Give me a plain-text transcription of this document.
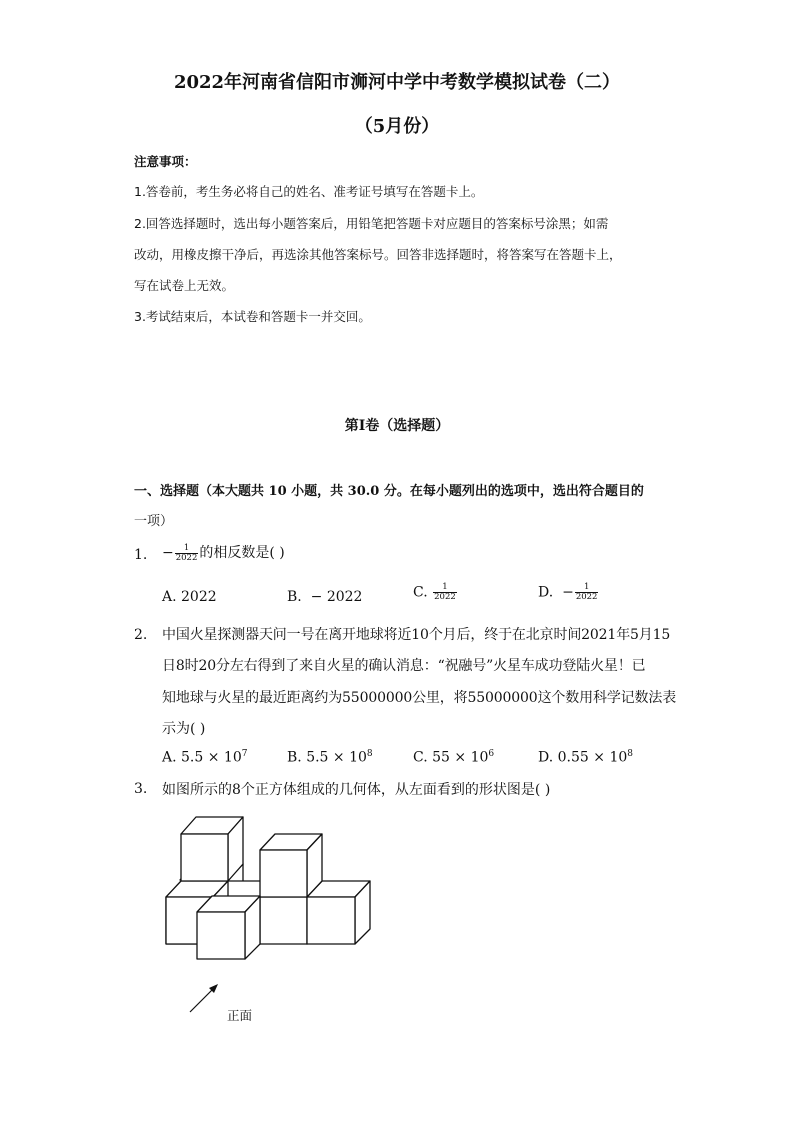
2022年河南省信阳市浉河中学中考数学模拟试卷（二）
（5月份）
注意事项：
1.答卷前，考生务必将自己的姓名、准考证号填写在答题卡上。
2.回答选择题时，选出每小题答案后，用铅笔把答题卡对应题目的答案标号涂黑；如需
改动，用橡皮擦干净后，再选涂其他答案标号。回答非选择题时，将答案写在答题卡上，
写在试卷上无效。
3.考试结束后，本试卷和答题卡一并交回。
第Ⅰ卷（选择题）
一、选择题（本大题共 10 小题，共 30.0 分。在每小题列出的选项中，选出符合题目的
一项）
1. − $\frac{1}{2022}$ 的相反数是( )
A. 2022	B. − 2022	C. $\frac{1}{2022}$	D. − $\frac{1}{2022}$
2. 中国火星探测器天问一号在离开地球将近10个月后，终于在北京时间2021年5月15
日8时20分左右得到了来自火星的确认消息：“祝融号”火星车成功登陆火星！已
知地球与火星的最近距离约为55000000公里，将55000000这个数用科学记数法表
示为( )
A. $5.5 \times 10^7$	B. $5.5 \times 10^8$	C. $55 \times 10^6$	D. $0.55 \times 10^8$
3. 如图所示的8个正方体组成的几何体，从左面看到的形状图是( )
正面
